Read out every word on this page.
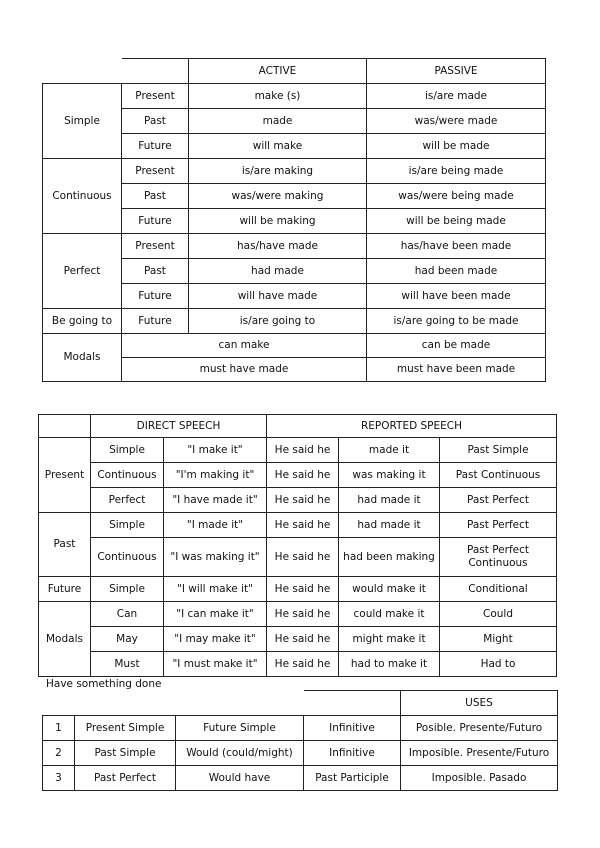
		ACTIVE	PASSIVE
Simple	Present	make (s)	is/are made
	Past	made	was/were made
	Future	will make	will be made
Continuous	Present	is/are making	is/are being made
	Past	was/were making	was/were being made
	Future	will be making	will be being made
Perfect	Present	has/have made	has/have been made
	Past	had made	had been made
	Future	will have made	will have been made
Be going to	Future	is/are going to	is/are going to be made
Modals	can make		can be made
	must have made		must have been made
	DIRECT SPEECH		REPORTED SPEECH		
Present	Simple	"I make it"	He said he	made it	Past Simple
	Continuous	"I'm making it"	He said he	was making it	Past Continuous
	Perfect	"I have made it"	He said he	had made it	Past Perfect
Past	Simple	"I made it"	He said he	had made it	Past Perfect
	Continuous	"I was making it"	He said he	had been making	Past Perfect Continuous
Future	Simple	"I will make it"	He said he	would make it	Conditional
Modals	Can	"I can make it"	He said he	could make it	Could
	May	"I may make it"	He said he	might make it	Might
	Must	"I must make it"	He said he	had to make it	Had to
Have something done
				USES
1	Present Simple	Future Simple	Infinitive	Posible. Presente/Futuro
2	Past Simple	Would (could/might)	Infinitive	Imposible. Presente/Futuro
3	Past Perfect	Would have	Past Participle	Imposible. Pasado
